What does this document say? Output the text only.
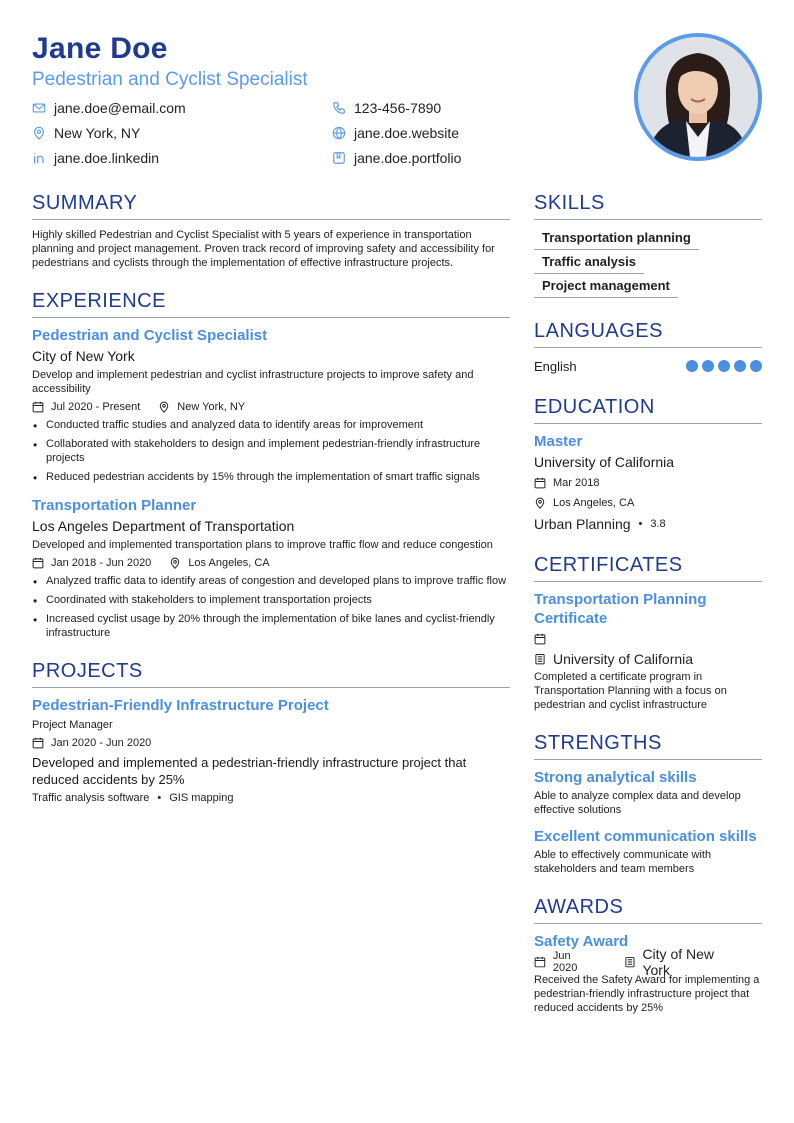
Jane Doe
Pedestrian and Cyclist Specialist
jane.doe@email.com	123-456-7890
New York, NY	jane.doe.website
jane.doe.linkedin	jane.doe.portfolio
SUMMARY
Highly skilled Pedestrian and Cyclist Specialist with 5 years of experience in transportation planning and project management. Proven track record of improving safety and accessibility for pedestrians and cyclists through the implementation of effective infrastructure projects.
EXPERIENCE
Pedestrian and Cyclist Specialist
City of New York
Develop and implement pedestrian and cyclist infrastructure projects to improve safety and accessibility
Jul 2020 - Present	New York, NY
• Conducted traffic studies and analyzed data to identify areas for improvement
• Collaborated with stakeholders to design and implement pedestrian-friendly infrastructure projects
• Reduced pedestrian accidents by 15% through the implementation of smart traffic signals
Transportation Planner
Los Angeles Department of Transportation
Developed and implemented transportation plans to improve traffic flow and reduce congestion
Jan 2018 - Jun 2020	Los Angeles, CA
• Analyzed traffic data to identify areas of congestion and developed plans to improve traffic flow
• Coordinated with stakeholders to implement transportation projects
• Increased cyclist usage by 20% through the implementation of bike lanes and cyclist-friendly infrastructure
PROJECTS
Pedestrian-Friendly Infrastructure Project
Project Manager
Jan 2020 - Jun 2020
Developed and implemented a pedestrian-friendly infrastructure project that reduced accidents by 25%
Traffic analysis software • GIS mapping
SKILLS
Transportation planning
Traffic analysis
Project management
LANGUAGES
English
EDUCATION
Master
University of California
Mar 2018
Los Angeles, CA
Urban Planning • 3.8
CERTIFICATES
Transportation Planning Certificate
University of California
Completed a certificate program in Transportation Planning with a focus on pedestrian and cyclist infrastructure
STRENGTHS
Strong analytical skills
Able to analyze complex data and develop effective solutions
Excellent communication skills
Able to effectively communicate with stakeholders and team members
AWARDS
Safety Award
Jun 2020
City of New York
Received the Safety Award for implementing a pedestrian-friendly infrastructure project that reduced accidents by 25%
